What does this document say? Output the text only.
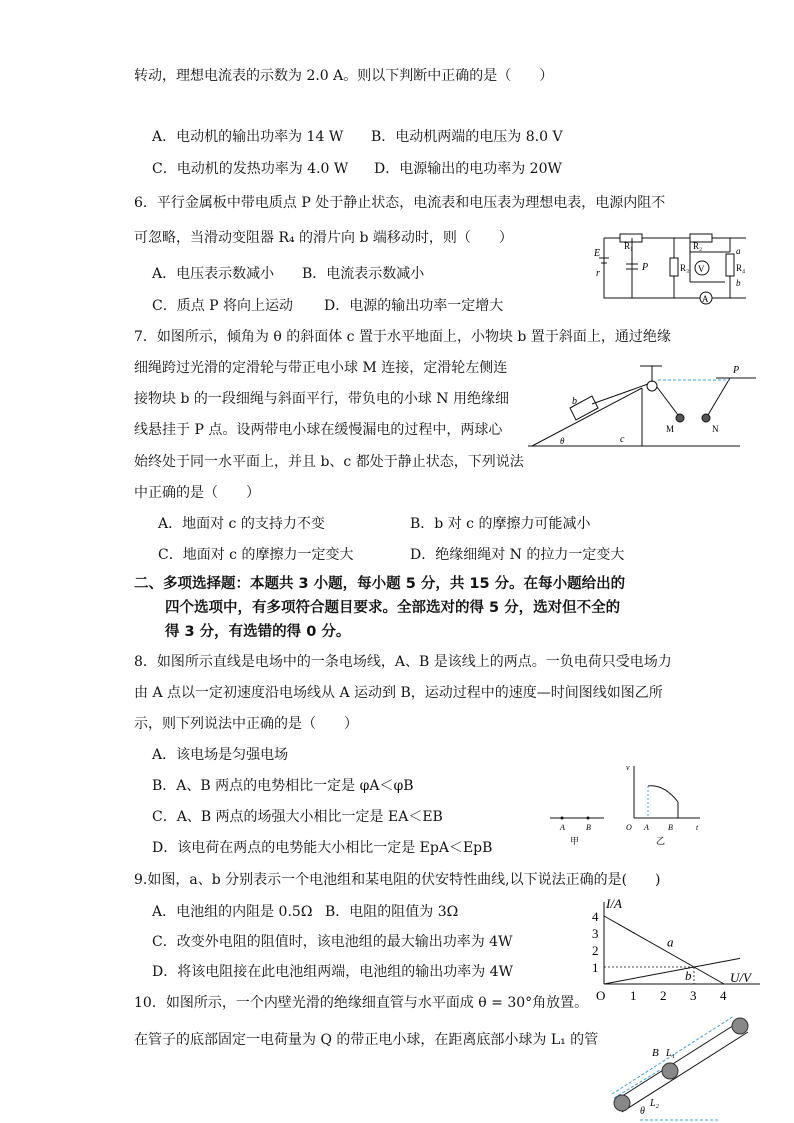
转动，理想电流表的示数为 2.0 A。则以下判断中正确的是（　　）
A．电动机的输出功率为 14 W B．电动机两端的电压为 8.0 V
C．电动机的发热功率为 4.0 W D．电源输出的电功率为 20W
6．平行金属板中带电质点 P 处于静止状态，电流表和电压表为理想电表，电源内阻不
可忽略，当滑动变阻器 R₄ 的滑片向 b 端移动时，则（　　）
A．电压表示数减小 B．电流表示数减小
C．质点 P 将向上运动 D．电源的输出功率一定增大
7．如图所示，倾角为 θ 的斜面体 c 置于水平地面上，小物块 b 置于斜面上，通过绝缘
细绳跨过光滑的定滑轮与带正电小球 M 连接，定滑轮左侧连
接物块 b 的一段细绳与斜面平行，带负电的小球 N 用绝缘细
线悬挂于 P 点。设两带电小球在缓慢漏电的过程中，两球心
始终处于同一水平面上，并且 b、c 都处于静止状态，下列说法
中正确的是（　　）
A．地面对 c 的支持力不变	B．b 对 c 的摩擦力可能减小
C．地面对 c 的摩擦力一定变大	D．绝缘细绳对 N 的拉力一定变大
二、多项选择题：本题共 3 小题，每小题 5 分，共 15 分。在每小题给出的
四个选项中，有多项符合题目要求。全部选对的得 5 分，选对但不全的
得 3 分，有选错的得 0 分。
8．如图所示直线是电场中的一条电场线，A、B 是该线上的两点。一负电荷只受电场力
由 A 点以一定初速度沿电场线从 A 运动到 B，运动过程中的速度—时间图线如图乙所
示，则下列说法中正确的是（　　）
A．该电场是匀强电场
B．A、B 两点的电势相比一定是 φA＜φB
C．A、B 两点的场强大小相比一定是 EA＜EB
D．该电荷在两点的电势能大小相比一定是 EpA＜EpB
9.如图，a、b 分别表示一个电池组和某电阻的伏安特性曲线,以下说法正确的是(　　)
A．电池组的内阻是 0.5Ω B．电阻的阻值为 3Ω
C．改变外电阻的阻值时，该电池组的最大输出功率为 4W
D．将该电阻接在此电池组两端，电池组的输出功率为 4W
10．如图所示，一个内壁光滑的绝缘细直管与水平面成 θ = 30°角放置。
在管子的底部固定一电荷量为 Q 的带正电小球，在距离底部小球为 L₁ 的管
E
r
R₁
P	R₃
R₂
V	R₄
a
b
A
b
θ	c
M	N
P
A	B
甲
v
O A B	t
乙
I/A
U/V
O 1 2 3 4
1
2
3
4
a
b
B L₁
L₂
θ
